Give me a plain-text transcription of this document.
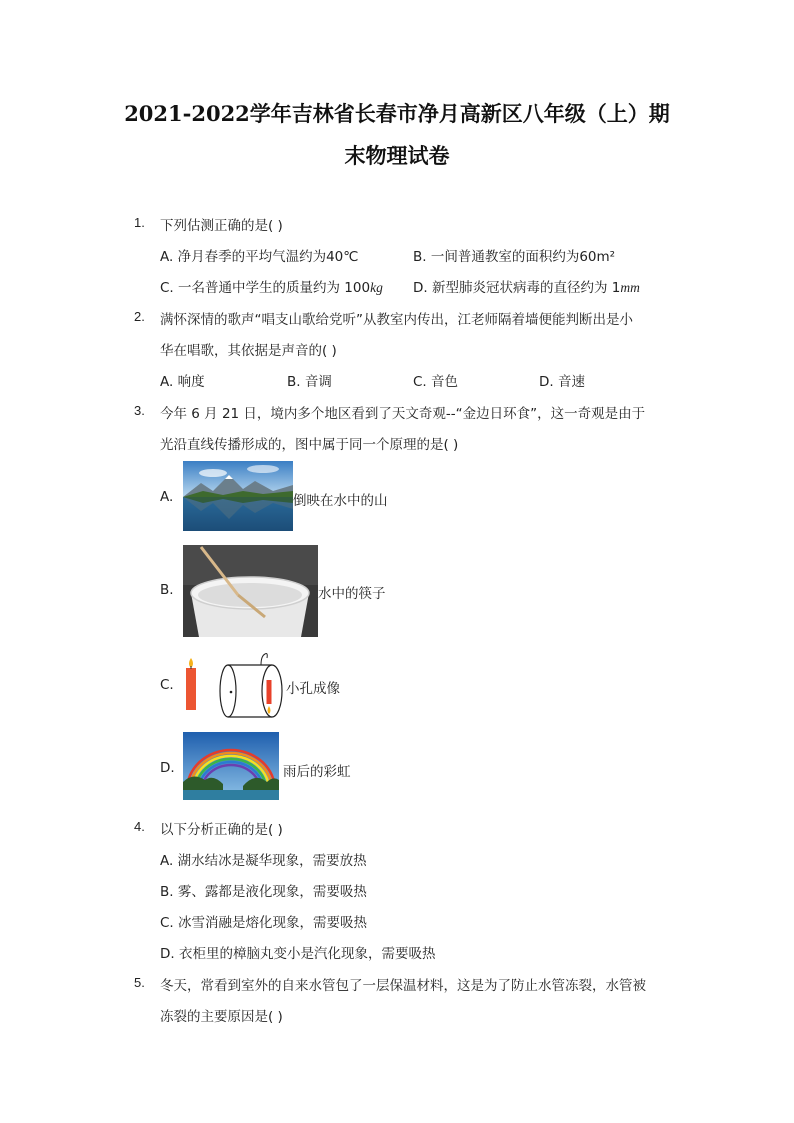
2021-2022学年吉林省长春市净月高新区八年级（上）期
末物理试卷
1. 下列估测正确的是( )
A. 净月春季的平均气温约为40℃	B. 一间普通教室的面积约为60m²
C. 一名普通中学生的质量约为 100kg D. 新型肺炎冠状病毒的直径约为 1mm
2. 满怀深情的歌声“唱支山歌给党听”从教室内传出，江老师隔着墙便能判断出是小
华在唱歌，其依据是声音的( )
A. 响度	B. 音调	C. 音色	D. 音速
3. 今年 6 月 21 日，境内多个地区看到了天文奇观--“金边日环食”，这一奇观是由于
光沿直线传播形成的，图中属于同一个原理的是( )
A.	倒映在水中的山
B.	水中的筷子
C.	小孔成像
D.	雨后的彩虹
4. 以下分析正确的是( )
A. 湖水结冰是凝华现象，需要放热
B. 雾、露都是液化现象，需要吸热
C. 冰雪消融是熔化现象，需要吸热
D. 衣柜里的樟脑丸变小是汽化现象，需要吸热
5. 冬天，常看到室外的自来水管包了一层保温材料，这是为了防止水管冻裂，水管被
冻裂的主要原因是( )
